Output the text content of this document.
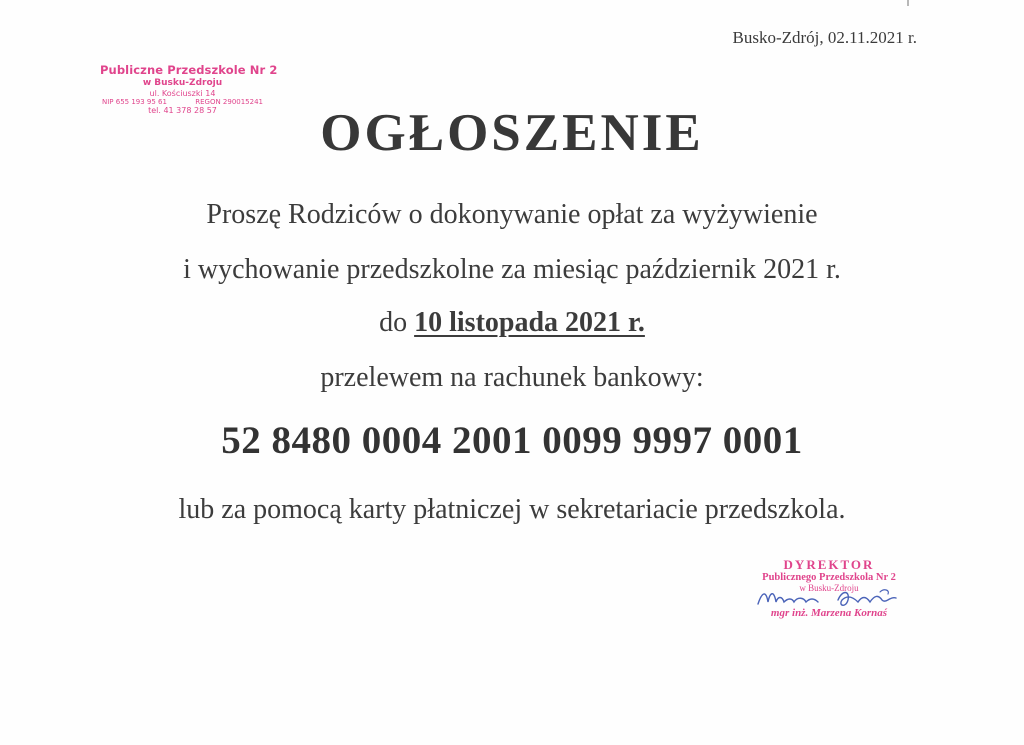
Busko-Zdrój, 02.11.2021 r.
Publiczne Przedszkole Nr 2
w Busku-Zdroju
ul. Kościuszki 14
NIP 655 193 95 61	REGON 290015241
tel. 41 378 28 57	OGŁOSZENIE
Proszę Rodziców o dokonywanie opłat za wyżywienie
i wychowanie przedszkolne za miesiąc październik 2021 r.
do 10 listopada 2021 r.
przelewem na rachunek bankowy:
52 8480 0004 2001 0099 9997 0001
lub za pomocą karty płatniczej w sekretariacie przedszkola.
DYREKTOR
Publicznego Przedszkola Nr 2
w Busku-Zdroju
mgr inż. Marzena Kornaś
